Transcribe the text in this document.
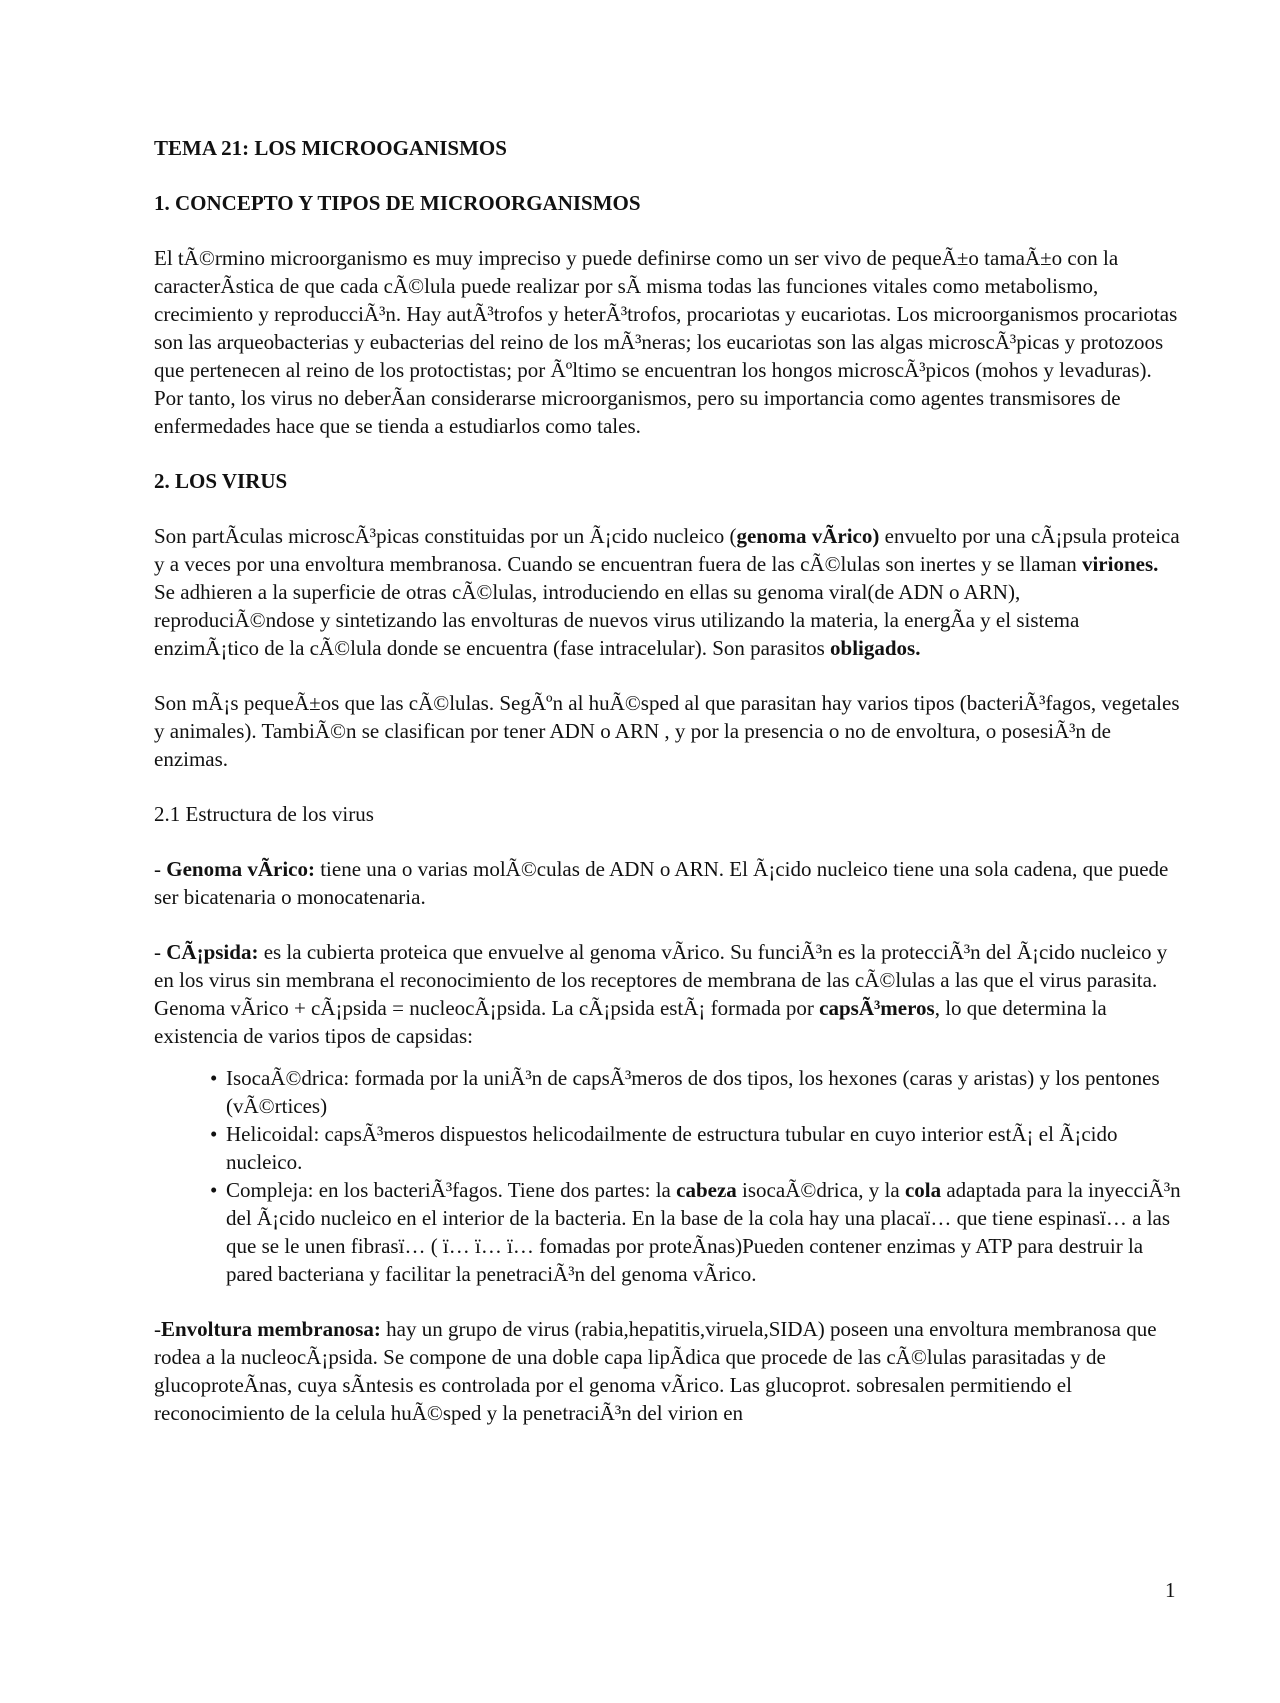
TEMA 21: LOS MICROOGANISMOS

1. CONCEPTO Y TIPOS DE MICROORGANISMOS

El tÃ©rmino microorganismo es muy impreciso y puede definirse como un ser vivo de pequeÃ±o tamaÃ±o con la caracterÃstica de que cada cÃ©lula puede realizar por sÃ misma todas las funciones vitales como metabolismo, crecimiento y reproducciÃ³n. Hay autÃ³trofos y heterÃ³trofos, procariotas y eucariotas. Los microorganismos procariotas son las arqueobacterias y eubacterias del reino de los mÃ³neras; los eucariotas son las algas microscÃ³picas y protozoos que pertenecen al reino de los protoctistas; por Ãºltimo se encuentran los hongos microscÃ³picos (mohos y levaduras). Por tanto, los virus no deberÃan considerarse microorganismos, pero su importancia como agentes transmisores de enfermedades hace que se tienda a estudiarlos como tales.

2. LOS VIRUS

Son partÃculas microscÃ³picas constituidas por un Ã¡cido nucleico (genoma vÃrico) envuelto por una cÃ¡psula proteica y a veces por una envoltura membranosa. Cuando se encuentran fuera de las cÃ©lulas son inertes y se llaman viriones. Se adhieren a la superficie de otras cÃ©lulas, introduciendo en ellas su genoma viral(de ADN o ARN), reproduciÃ©ndose y sintetizando las envolturas de nuevos virus utilizando la materia, la energÃa y el sistema enzimÃ¡tico de la cÃ©lula donde se encuentra (fase intracelular). Son parasitos obligados.

Son mÃ¡s pequeÃ±os que las cÃ©lulas. SegÃºn al huÃ©sped al que parasitan hay varios tipos (bacteriÃ³fagos, vegetales y animales). TambiÃ©n se clasifican por tener ADN o ARN , y por la presencia o no de envoltura, o posesiÃ³n de enzimas.

2.1 Estructura de los virus

- Genoma vÃrico: tiene una o varias molÃ©culas de ADN o ARN. El Ã¡cido nucleico tiene una sola cadena, que puede ser bicatenaria o monocatenaria.

- CÃ¡psida: es la cubierta proteica que envuelve al genoma vÃrico. Su funciÃ³n es la protecciÃ³n del Ã¡cido nucleico y en los virus sin membrana el reconocimiento de los receptores de membrana de las cÃ©lulas a las que el virus parasita. Genoma vÃrico + cÃ¡psida = nucleocÃ¡psida. La cÃ¡psida estÃ¡ formada por capsÃ³meros, lo que determina la existencia de varios tipos de capsidas:

• IsocaÃ©drica: formada por la uniÃ³n de capsÃ³meros de dos tipos, los hexones (caras y aristas) y los pentones (vÃ©rtices)
• Helicoidal: capsÃ³meros dispuestos helicodailmente de estructura tubular en cuyo interior estÃ¡ el Ã¡cido nucleico.
• Compleja: en los bacteriÃ³fagos. Tiene dos partes: la cabeza isocaÃ©drica, y la cola adaptada para la inyecciÃ³n del Ã¡cido nucleico en el interior de la bacteria. En la base de la cola hay una placaï… que tiene espinasï… a las que se le unen fibrasï… ( ï… ï… ï… fomadas por proteÃnas)Pueden contener enzimas y ATP para destruir la pared bacteriana y facilitar la penetraciÃ³n del genoma vÃrico.

-Envoltura membranosa: hay un grupo de virus (rabia,hepatitis,viruela,SIDA) poseen una envoltura membranosa que rodea a la nucleocÃ¡psida. Se compone de una doble capa lipÃdica que procede de las cÃ©lulas parasitadas y de glucoproteÃnas, cuya sÃntesis es controlada por el genoma vÃrico. Las glucoprot. sobresalen permitiendo el reconocimiento de la celula huÃ©sped y la penetraciÃ³n del virion en

1
